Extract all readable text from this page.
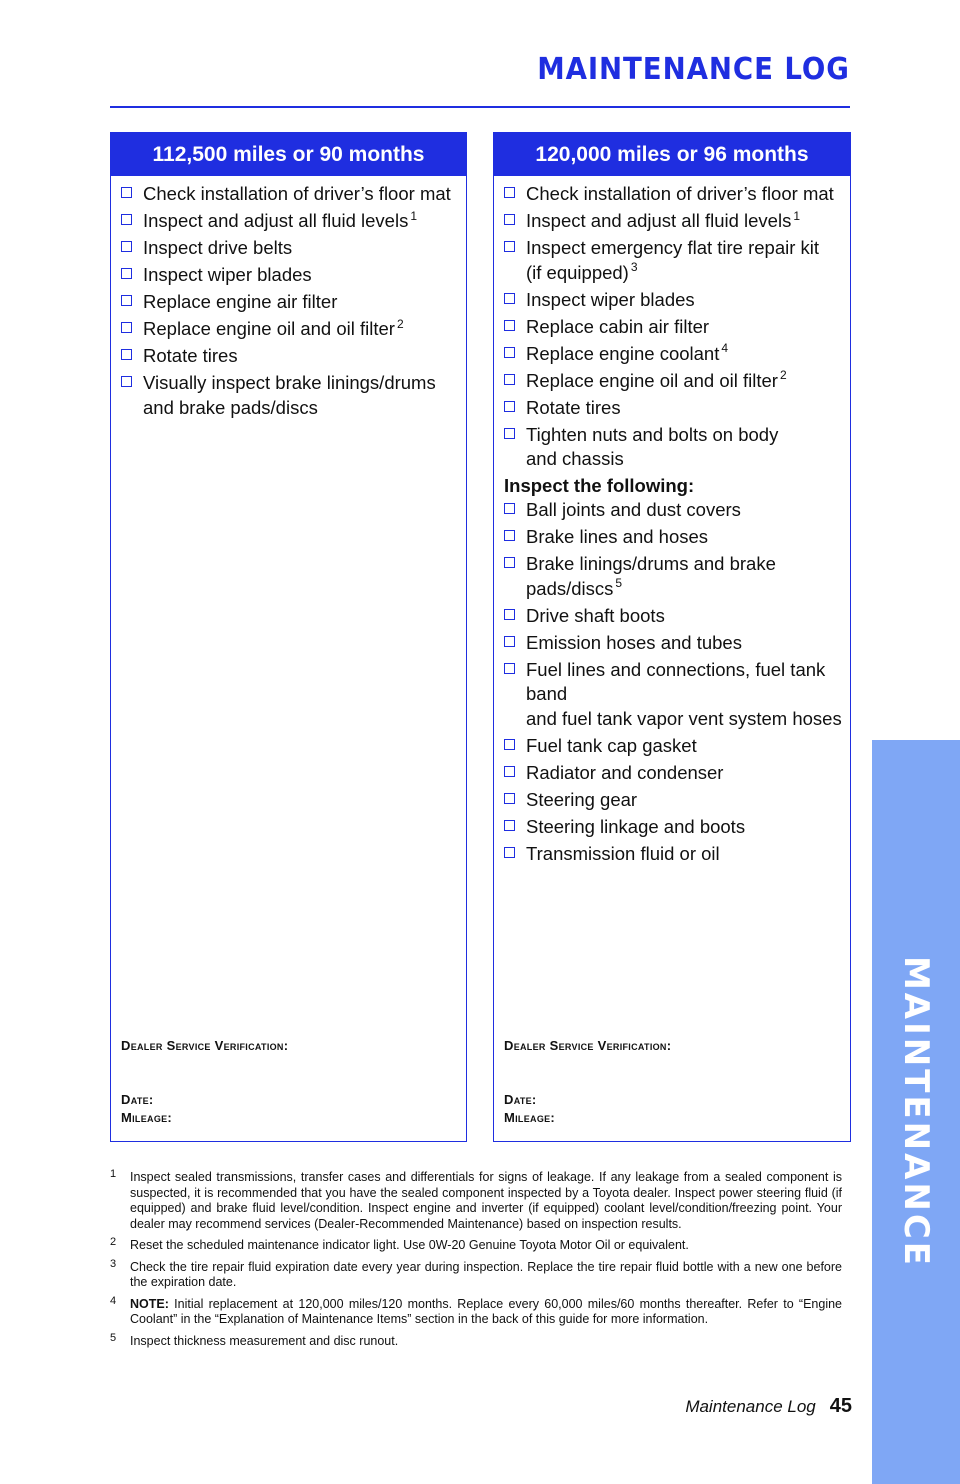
MAINTENANCE LOG
112,500 miles or 90 months
Check installation of driver’s floor mat
Inspect and adjust all fluid levels $^1$
Inspect drive belts
Inspect wiper blades
Replace engine air filter
Replace engine oil and oil filter $^2$
Rotate tires
Visually inspect brake linings/drums
and brake pads/discs
Dealer Service Verification:
Date:
Mileage:
120,000 miles or 96 months
Check installation of driver’s floor mat
Inspect and adjust all fluid levels $^1$
Inspect emergency flat tire repair kit
(if equipped) $^3$
Inspect wiper blades
Replace cabin air filter
Replace engine coolant $^4$
Replace engine oil and oil filter $^2$
Rotate tires
Tighten nuts and bolts on body
and chassis
Inspect the following:
Ball joints and dust covers
Brake lines and hoses
Brake linings/drums and brake pads/discs $^5$
Drive shaft boots
Emission hoses and tubes
Fuel lines and connections, fuel tank band
and fuel tank vapor vent system hoses
Fuel tank cap gasket
Radiator and condenser
Steering gear
Steering linkage and boots
Transmission fluid or oil
Dealer Service Verification:
Date:
Mileage:
1 Inspect sealed transmissions, transfer cases and differentials for signs of leakage. If any leakage from a sealed component is suspected, it is recommended that you have the sealed component inspected by a Toyota dealer. Inspect power steering fluid (if equipped) and brake fluid level/condition. Inspect engine and inverter (if equipped) coolant level/condition/freezing point. Your dealer may recommend services (Dealer-Recommended Maintenance) based on inspection results.
2 Reset the scheduled maintenance indicator light. Use 0W-20 Genuine Toyota Motor Oil or equivalent.
3 Check the tire repair fluid expiration date every year during inspection. Replace the tire repair fluid bottle with a new one before the expiration date.
4 NOTE: Initial replacement at 120,000 miles/120 months. Replace every 60,000 miles/60 months thereafter. Refer to “Engine Coolant” in the “Explanation of Maintenance Items” section in the back of this guide for more information.
5 Inspect thickness measurement and disc runout.
Maintenance Log 45
MAINTENANCE
